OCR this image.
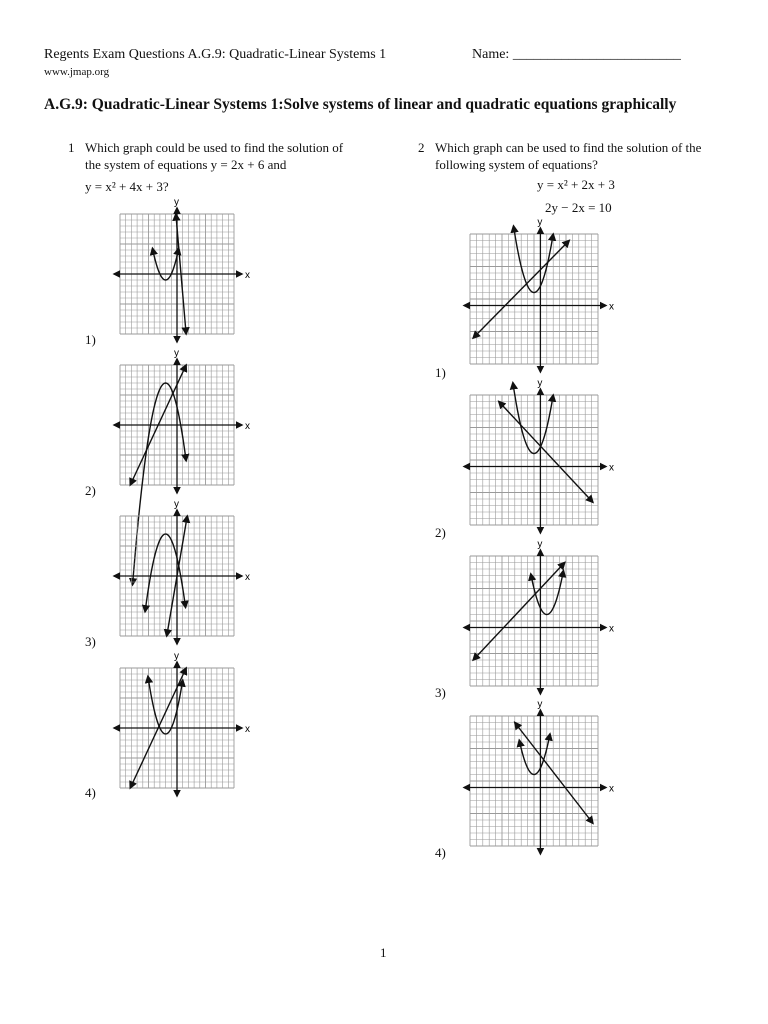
Regents Exam Questions A.G.9: Quadratic-Linear Systems 1	Name: ________________________
www.jmap.org
A.G.9: Quadratic-Linear Systems 1:Solve systems of linear and quadratic equations graphically
1 Which graph could be used to find the solution of
the system of equations y = 2x + 6 and
y = x² + 4x + 3?
2 Which graph can be used to find the solution of the
following system of equations?
y = x² + 2x + 3
2y − 2x = 10
1)
2)
3)
4)
1)
2)
3)
4)
x
y
x
y
x
y
x
y
x
y
x
y
x
y
x
y
1
